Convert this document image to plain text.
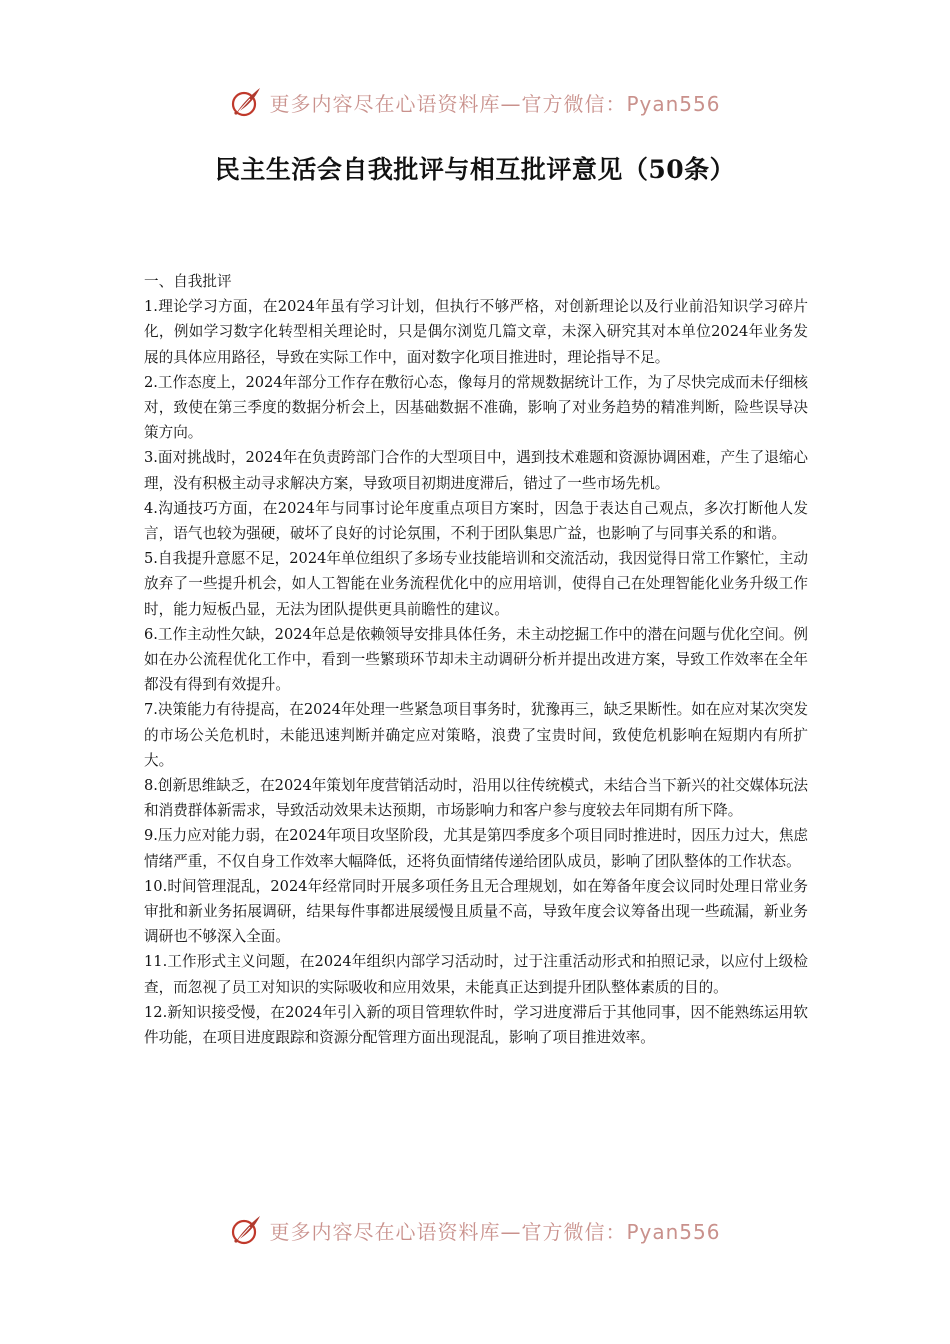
更多内容尽在心语资料库—官方微信：Pyan556
民主生活会自我批评与相互批评意见（50条）

一、自我批评

1.理论学习方面，在2024年虽有学习计划，但执行不够严格，对创新理论以及行业前沿知识学习碎片化，例如学习数字化转型相关理论时，只是偶尔浏览几篇文章，未深入研究其对本单位2024年业务发展的具体应用路径，导致在实际工作中，面对数字化项目推进时，理论指导不足。

2.工作态度上，2024年部分工作存在敷衍心态，像每月的常规数据统计工作，为了尽快完成而未仔细核对，致使在第三季度的数据分析会上，因基础数据不准确，影响了对业务趋势的精准判断，险些误导决策方向。

3.面对挑战时，2024年在负责跨部门合作的大型项目中，遇到技术难题和资源协调困难，产生了退缩心理，没有积极主动寻求解决方案，导致项目初期进度滞后，错过了一些市场先机。

4.沟通技巧方面，在2024年与同事讨论年度重点项目方案时，因急于表达自己观点，多次打断他人发言，语气也较为强硬，破坏了良好的讨论氛围，不利于团队集思广益，也影响了与同事关系的和谐。

5.自我提升意愿不足，2024年单位组织了多场专业技能培训和交流活动，我因觉得日常工作繁忙，主动放弃了一些提升机会，如人工智能在业务流程优化中的应用培训，使得自己在处理智能化业务升级工作时，能力短板凸显，无法为团队提供更具前瞻性的建议。

6.工作主动性欠缺，2024年总是依赖领导安排具体任务，未主动挖掘工作中的潜在问题与优化空间。例如在办公流程优化工作中，看到一些繁琐环节却未主动调研分析并提出改进方案，导致工作效率在全年都没有得到有效提升。

7.决策能力有待提高，在2024年处理一些紧急项目事务时，犹豫再三，缺乏果断性。如在应对某次突发的市场公关危机时，未能迅速判断并确定应对策略，浪费了宝贵时间，致使危机影响在短期内有所扩大。

8.创新思维缺乏，在2024年策划年度营销活动时，沿用以往传统模式，未结合当下新兴的社交媒体玩法和消费群体新需求，导致活动效果未达预期，市场影响力和客户参与度较去年同期有所下降。

9.压力应对能力弱，在2024年项目攻坚阶段，尤其是第四季度多个项目同时推进时，因压力过大，焦虑情绪严重，不仅自身工作效率大幅降低，还将负面情绪传递给团队成员，影响了团队整体的工作状态。

10.时间管理混乱，2024年经常同时开展多项任务且无合理规划，如在筹备年度会议同时处理日常业务审批和新业务拓展调研，结果每件事都进展缓慢且质量不高，导致年度会议筹备出现一些疏漏，新业务调研也不够深入全面。

11.工作形式主义问题，在2024年组织内部学习活动时，过于注重活动形式和拍照记录，以应付上级检查，而忽视了员工对知识的实际吸收和应用效果，未能真正达到提升团队整体素质的目的。

12.新知识接受慢，在2024年引入新的项目管理软件时，学习进度滞后于其他同事，因不能熟练运用软件功能，在项目进度跟踪和资源分配管理方面出现混乱，影响了项目推进效率。

更多内容尽在心语资料库—官方微信：Pyan556
